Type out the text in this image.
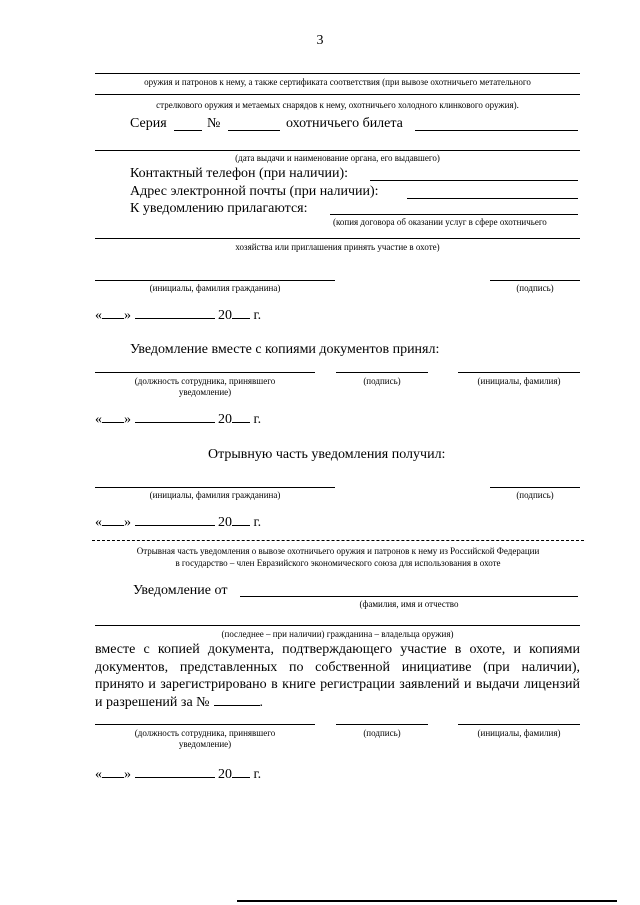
3
оружия и патронов к нему, а также сертификата соответствия (при вывозе охотничьего метательного
стрелкового оружия и метаемых снарядов к нему, охотничьего холодного клинкового оружия).
Серия	№	охотничьего билета
(дата выдачи и наименование органа, его выдавшего)
Контактный телефон (при наличии):
Адрес электронной почты (при наличии):
К уведомлению прилагаются:
(копия договора об оказании услуг в сфере охотничьего
хозяйства или приглашения принять участие в охоте)
(инициалы, фамилия гражданина)	(подпись)
« »	20 г.
Уведомление вместе с копиями документов принял:
(должность сотрудника, принявшего
уведомление)
(подпись)	(инициалы, фамилия)
« »	20 г.
Отрывную часть уведомления получил:
(инициалы, фамилия гражданина)	(подпись)
« »	20 г.
Отрывная часть уведомления о вывозе охотничьего оружия и патронов к нему из Российской Федерации
в государство – член Евразийского экономического союза для использования в охоте
Уведомление от
(фамилия, имя и отчество
(последнее – при наличии) гражданина – владельца оружия)
вместе с копией документа, подтверждающего участие в охоте, и копиями документов, представленных по собственной инициативе (при наличии), принято и зарегистрировано в книге регистрации заявлений и выдачи лицензий и разрешений за №	.
(должность сотрудника, принявшего
уведомление)
(подпись)	(инициалы, фамилия)
« »	20 г.
